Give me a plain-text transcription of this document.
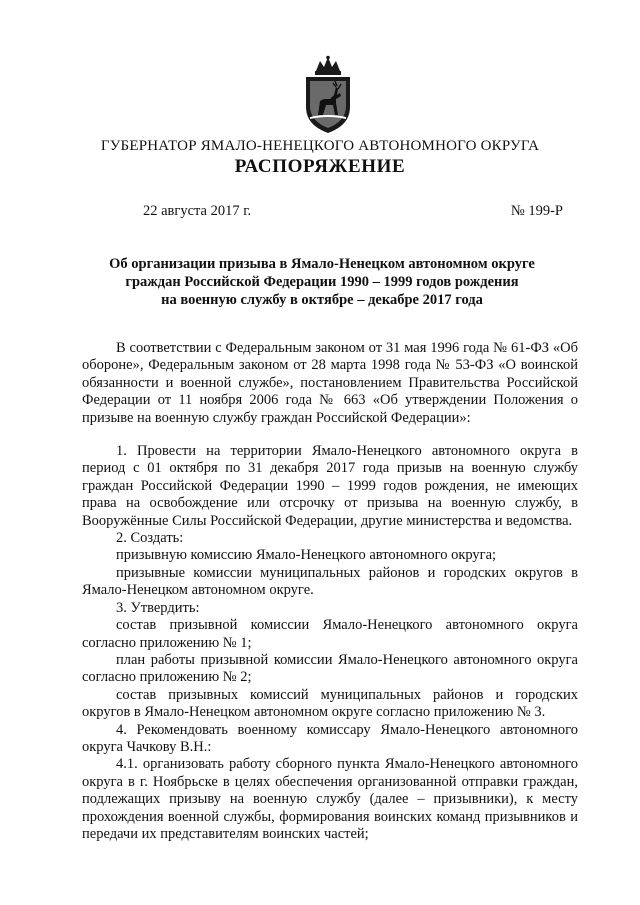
ГУБЕРНАТОР ЯМАЛО-НЕНЕЦКОГО АВТОНОМНОГО ОКРУГА
РАСПОРЯЖЕНИЕ
22 августа 2017 г.	№ 199-Р
Об организации призыва в Ямало-Ненецком автономном округе
граждан Российской Федерации 1990 – 1999 годов рождения
на военную службу в октябре – декабре 2017 года

В соответствии с Федеральным законом от 31 мая 1996 года № 61-ФЗ «Об обороне», Федеральным законом от 28 марта 1998 года № 53-ФЗ «О воинской обязанности и военной службе», постановлением Правительства Российской Федерации от 11 ноября 2006 года № 663 «Об утверждении Положения о призыве на военную службу граждан Российской Федерации»:

1. Провести на территории Ямало-Ненецкого автономного округа в период с 01 октября по 31 декабря 2017 года призыв на военную службу граждан Российской Федерации 1990 – 1999 годов рождения, не имеющих права на освобождение или отсрочку от призыва на военную службу, в Вооружённые Силы Российской Федерации, другие министерства и ведомства.

2. Создать:

призывную комиссию Ямало-Ненецкого автономного округа;

призывные комиссии муниципальных районов и городских округов в Ямало-Ненецком автономном округе.

3. Утвердить:

состав призывной комиссии Ямало-Ненецкого автономного округа согласно приложению № 1;

план работы призывной комиссии Ямало-Ненецкого автономного округа согласно приложению № 2;

состав призывных комиссий муниципальных районов и городских округов в Ямало-Ненецком автономном округе согласно приложению № 3.

4. Рекомендовать военному комиссару Ямало-Ненецкого автономного округа Чачкову В.Н.:

4.1. организовать работу сборного пункта Ямало-Ненецкого автономного округа в г. Ноябрьске в целях обеспечения организованной отправки граждан, подлежащих призыву на военную службу (далее – призывники), к месту прохождения военной службы, формирования воинских команд призывников и передачи их представителям воинских частей;
